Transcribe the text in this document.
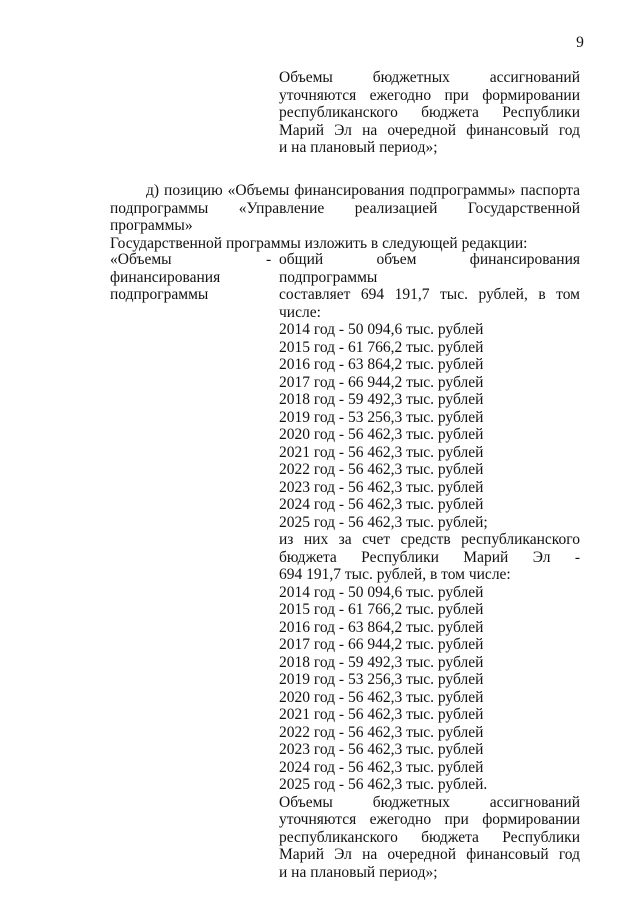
9
Объемы бюджетных ассигнований
уточняются ежегодно при формировании
республиканского бюджета Республики
Марий Эл на очередной финансовый год
и на плановый период»;
д) позицию «Объемы финансирования подпрограммы» паспорта
подпрограммы «Управление реализацией Государственной программы»
Государственной программы изложить в следующей редакции:
«Объемы
финансирования
подпрограммы
- общий объем финансирования подпрограммы
составляет 694 191,7 тыс. рублей, в том числе:
2014 год - 50 094,6 тыс. рублей
2015 год - 61 766,2 тыс. рублей
2016 год - 63 864,2 тыс. рублей
2017 год - 66 944,2 тыс. рублей
2018 год - 59 492,3 тыс. рублей
2019 год - 53 256,3 тыс. рублей
2020 год - 56 462,3 тыс. рублей
2021 год - 56 462,3 тыс. рублей
2022 год - 56 462,3 тыс. рублей
2023 год - 56 462,3 тыс. рублей
2024 год - 56 462,3 тыс. рублей
2025 год - 56 462,3 тыс. рублей;
из них за счет средств республиканского
бюджета Республики Марий Эл -
694 191,7 тыс. рублей, в том числе:
2014 год - 50 094,6 тыс. рублей
2015 год - 61 766,2 тыс. рублей
2016 год - 63 864,2 тыс. рублей
2017 год - 66 944,2 тыс. рублей
2018 год - 59 492,3 тыс. рублей
2019 год - 53 256,3 тыс. рублей
2020 год - 56 462,3 тыс. рублей
2021 год - 56 462,3 тыс. рублей
2022 год - 56 462,3 тыс. рублей
2023 год - 56 462,3 тыс. рублей
2024 год - 56 462,3 тыс. рублей
2025 год - 56 462,3 тыс. рублей.
Объемы бюджетных ассигнований
уточняются ежегодно при формировании
республиканского бюджета Республики
Марий Эл на очередной финансовый год
и на плановый период»;
